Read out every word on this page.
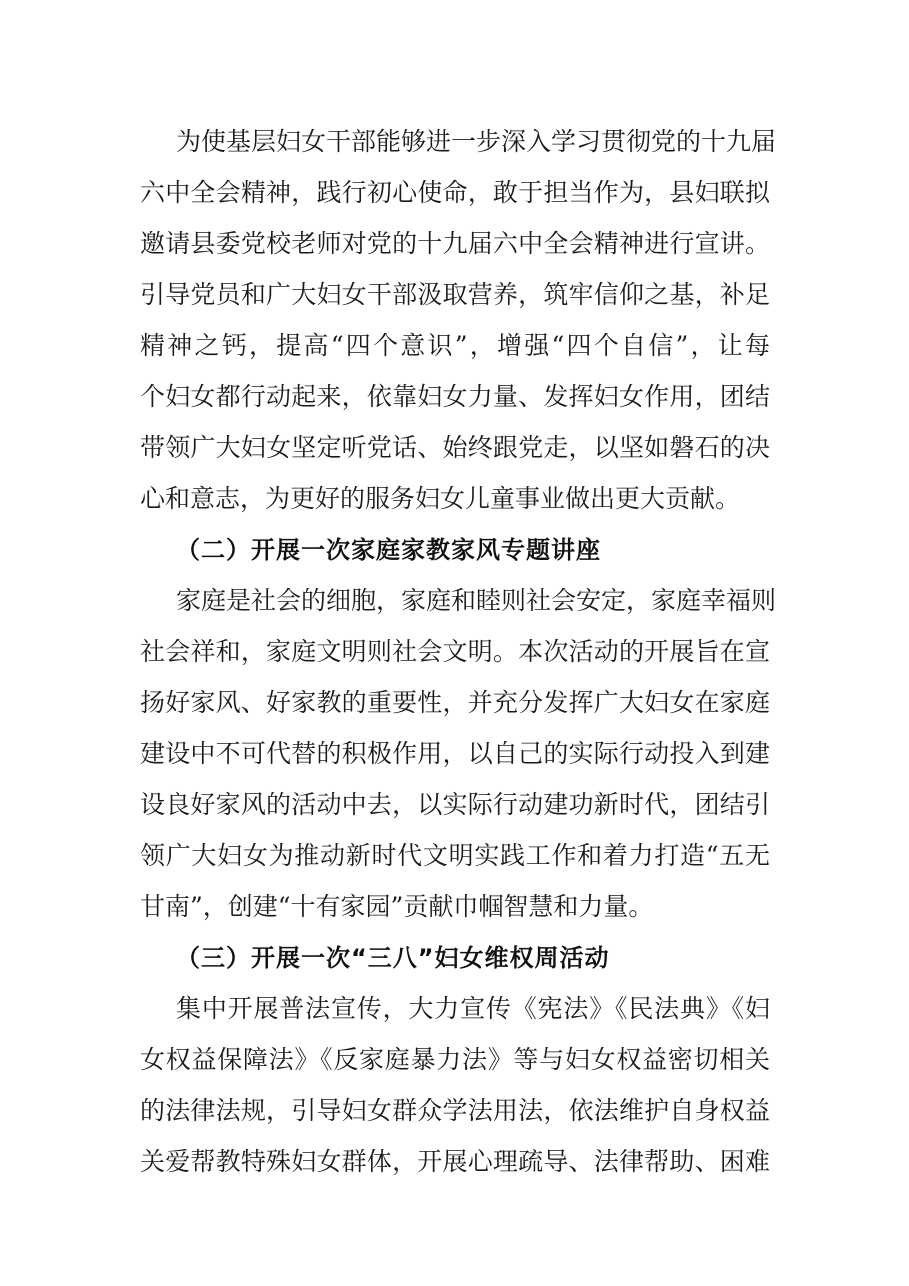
为使基层妇女干部能够进一步深入学习贯彻党的十九届
六中全会精神，践行初心使命，敢于担当作为，县妇联拟
邀请县委党校老师对党的十九届六中全会精神进行宣讲。
引导党员和广大妇女干部汲取营养，筑牢信仰之基，补足
精神之钙，提高“四个意识”，增强“四个自信”，让每
个妇女都行动起来，依靠妇女力量、发挥妇女作用，团结
带领广大妇女坚定听党话、始终跟党走，以坚如磐石的决
心和意志，为更好的服务妇女儿童事业做出更大贡献。
（二）开展一次家庭家教家风专题讲座
家庭是社会的细胞，家庭和睦则社会安定，家庭幸福则
社会祥和，家庭文明则社会文明。本次活动的开展旨在宣
扬好家风、好家教的重要性，并充分发挥广大妇女在家庭
建设中不可代替的积极作用，以自己的实际行动投入到建
设良好家风的活动中去，以实际行动建功新时代，团结引
领广大妇女为推动新时代文明实践工作和着力打造“五无
甘南”，创建“十有家园”贡献巾帼智慧和力量。
（三）开展一次“三八”妇女维权周活动
集中开展普法宣传，大力宣传《宪法》《民法典》《妇
女权益保障法》《反家庭暴力法》等与妇女权益密切相关
的法律法规，引导妇女群众学法用法，依法维护自身权益
关爱帮教特殊妇女群体，开展心理疏导、法律帮助、困难
